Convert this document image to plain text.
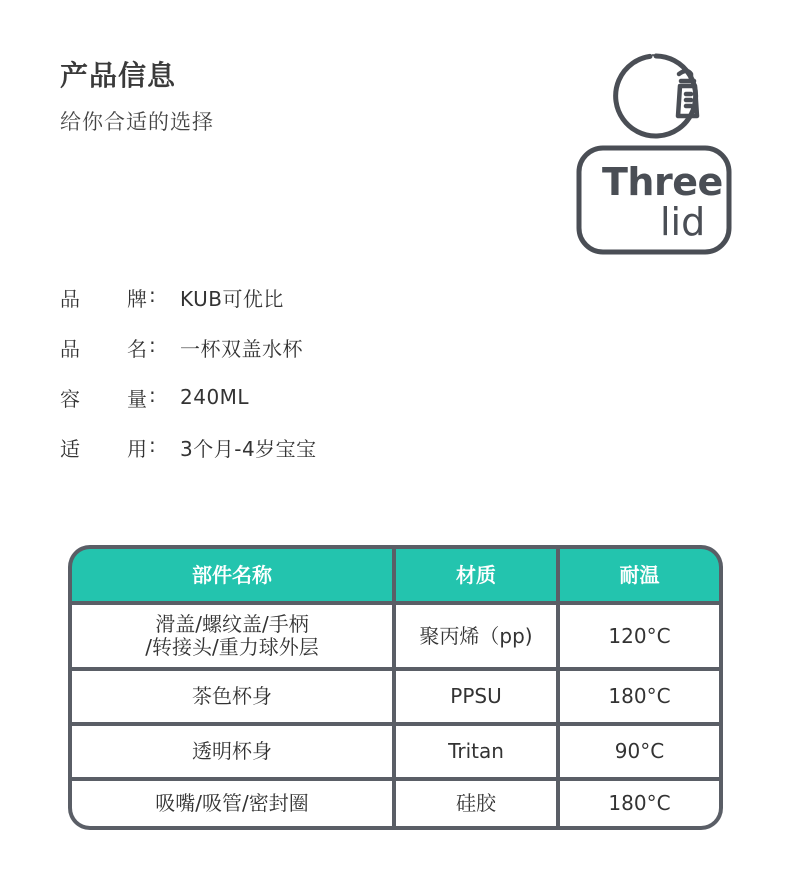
产品信息
给你合适的选择
Three
lid
品	牌 : KUB可优比
品	名 : 一杯双盖水杯
容	量 : 240ML
适	用 : 3个月-4岁宝宝
部件名称	材质	耐温
滑盖/螺纹盖/手柄
/转接头/重力球外层	聚丙烯（pp)	120°C
茶色杯身	PPSU	180°C
透明杯身	Tritan	90°C
吸嘴/吸管/密封圈	硅胶	180°C
